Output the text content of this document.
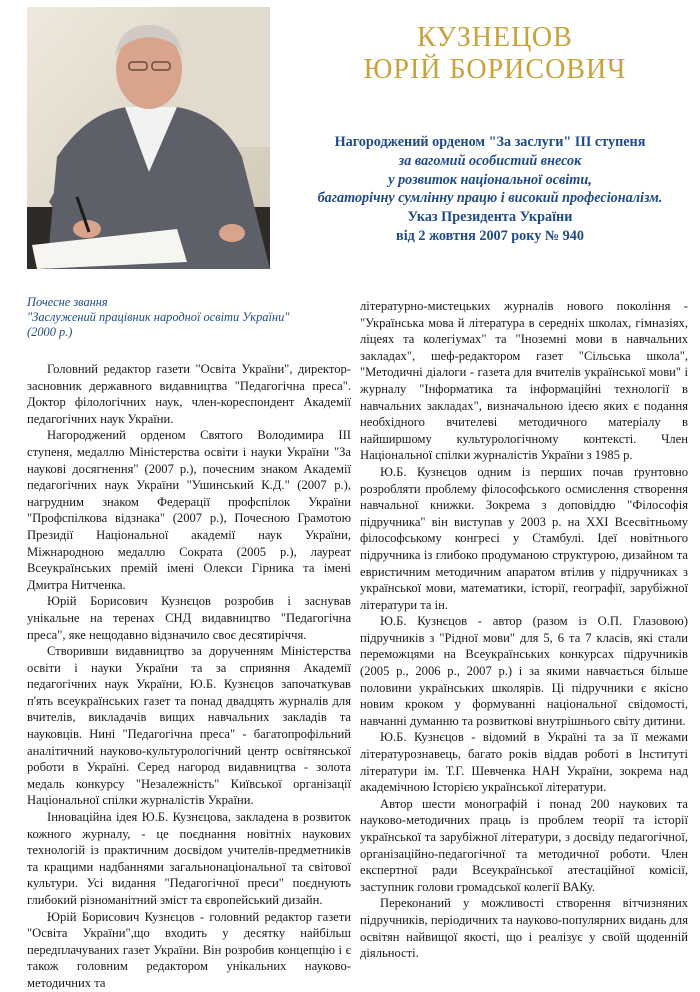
КУЗНЕЦОВ
ЮРІЙ БОРИСОВИЧ
Нагороджений орденом "За заслуги" III ступеня
за вагомий особистий внесок
у розвиток національної освіти,
багаторічну сумлінну працю і високий професіоналізм.
Указ Президента України
від 2 жовтня 2007 року № 940
Почесне звання
"Заслужений працівник народної освіти України"
(2000 р.)

Головний редактор газети "Освіта України", директор-засновник державного видавництва "Педагогічна преса". Доктор філологічних наук, член-кореспондент Академії педагогічних наук України.

Нагороджений орденом Святого Володимира III ступеня, медаллю Міністерства освіти і науки України "За наукові досягнення" (2007 р.), почесним знаком Академії педагогічних наук України "Ушинський К.Д." (2007 р.), нагрудним знаком Федерації профспілок України "Профспілкова відзнака" (2007 р.), Почесною Грамотою Президії Національної академії наук України, Міжнародною медаллю Сократа (2005 р.), лауреат Всеукраїнських премій імені Олекси Гірника та імені Дмитра Нитченка.

Юрій Борисович Кузнєцов розробив і заснував унікальне на теренах СНД видавництво "Педагогічна преса", яке нещодавно відзначило своє десятиріччя.

Створивши видавництво за дорученням Міністерства освіти і науки України та за сприяння Академії педагогічних наук України, Ю.Б. Кузнєцов започаткував п'ять всеукраїнських газет та понад двадцять журналів для вчителів, викладачів вищих навчальних закладів та науковців. Нині "Педагогічна преса" - багатопрофільний аналітичний науково-культурологічний центр освітянської роботи в Україні. Серед нагород видавництва - золота медаль конкурсу "Незалежність" Київської організації Національної спілки журналістів України.

Інноваційна ідея Ю.Б. Кузнєцова, закладена в розвиток кожного журналу, - це поєднання новітніх наукових технологій із практичним досвідом учителів-предметників та кращими надбаннями загальнонаціональної та світової культури. Усі видання "Педагогічної преси" поєднують глибокий різноманітний зміст та європейський дизайн.

Юрій Борисович Кузнєцов - головний редактор газети "Освіта України",що входить у десятку найбільш передплачуваних газет України. Він розробив концепцію і є також головним редактором унікальних науково-методичних та

літературно-мистецьких журналів нового покоління - "Українська мова й література в середніх школах, гімназіях, ліцеях та колегіумах" та "Іноземні мови в навчальних закладах", шеф-редактором газет "Сільська школа", "Методичні діалоги - газета для вчителів української мови" і журналу "Інформатика та інформаційні технології в навчальних закладах", визначальною ідеєю яких є подання необхідного вчителеві методичного матеріалу в найширшому культурологічному контексті. Член Національної спілки журналістів України з 1985 р.

Ю.Б. Кузнєцов одним із перших почав ґрунтовно розробляти проблему філософського осмислення створення навчальної книжки. Зокрема з доповіддю "Філософія підручника" він виступав у 2003 р. на XXI Всесвітньому філософському конгресі у Стамбулі. Ідеї новітнього підручника із глибоко продуманою структурою, дизайном та евристичним методичним апаратом втілив у підручниках з української мови, математики, історії, географії, зарубіжної літератури та ін.

Ю.Б. Кузнєцов - автор (разом із О.П. Глазовою) підручників з "Рідної мови" для 5, 6 та 7 класів, які стали переможцями на Всеукраїнських конкурсах підручників (2005 р., 2006 р., 2007 р.) і за якими навчається більше половини українських школярів. Ці підручники є якісно новим кроком у формуванні національної свідомості, навчанні думанню та розвиткові внутрішнього світу дитини.

Ю.Б. Кузнєцов - відомий в Україні та за її межами літературознавець, багато років віддав роботі в Інституті літератури ім. Т.Г. Шевченка НАН України, зокрема над академічною Історією української літератури.

Автор шести монографій і понад 200 наукових та науково-методичних праць із проблем теорії та історії української та зарубіжної літератури, з досвіду педагогічної, організаційно-педагогічної та методичної роботи. Член експертної ради Всеукраїнської атестаційної комісії, заступник голови громадської колегії ВАКу.

Переконаний у можливості створення вітчизняних підручників, періодичних та науково-популярних видань для освітян найвищої якості, що і реалізує у своїй щоденній діяльності.
